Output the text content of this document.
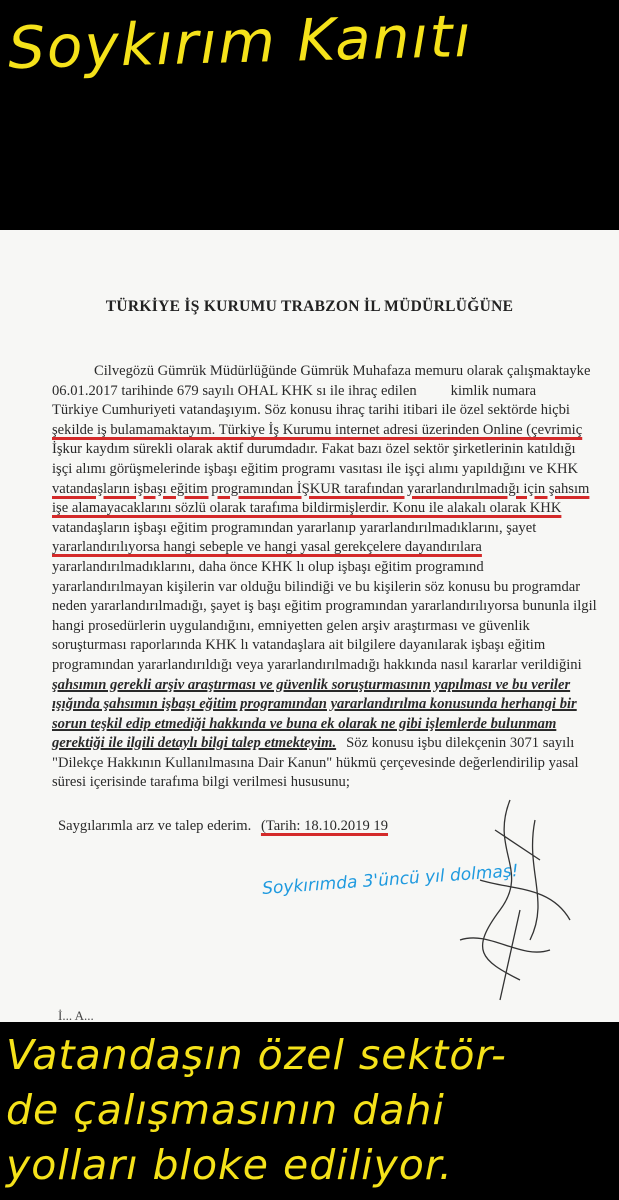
Soykırım Kanıtı
TÜRKİYE İŞ KURUMU TRABZON İL MÜDÜRLÜĞÜNE
Cilvegözü Gümrük Müdürlüğünde Gümrük Muhafaza memuru olarak çalışmaktayke
06.01.2017 tarihinde 679 sayılı OHAL KHK sı ile ihraç edilen kimlik numara
Türkiye Cumhuriyeti vatandaşıyım. Söz konusu ihraç tarihi itibari ile özel sektörde hiçbi
şekilde iş bulamamaktayım. Türkiye İş Kurumu internet adresi üzerinden Online (çevrimiç
İşkur kaydım sürekli olarak aktif durumdadır. Fakat bazı özel sektör şirketlerinin katıldığı
işçi alımı görüşmelerinde işbaşı eğitim programı vasıtası ile işçi alımı yapıldığını ve KHK
vatandaşların işbaşı eğitim programından İŞKUR tarafından yararlandırılmadığı için şahsım
işe alamayacaklarını sözlü olarak tarafıma bildirmişlerdir. Konu ile alakalı olarak KHK
vatandaşların işbaşı eğitim programından yararlanıp yararlandırılmadıklarını, şayet
yararlandırılıyorsa hangi sebeple ve hangi yasal gerekçelere dayandırılara
yararlandırılmadıklarını, daha önce KHK lı olup işbaşı eğitim programınd
yararlandırılmayan kişilerin var olduğu bilindiği ve bu kişilerin söz konusu bu programdar
neden yararlandırılmadığı, şayet iş başı eğitim programından yararlandırılıyorsa bununla ilgil
hangi prosedürlerin uygulandığını, emniyetten gelen arşiv araştırması ve güvenlik
soruşturması raporlarında KHK lı vatandaşlara ait bilgilere dayanılarak işbaşı eğitim
programından yararlandırıldığı veya yararlandırılmadığı hakkında nasıl kararlar verildiğini
şahsımın gerekli arşiv araştırması ve güvenlik soruşturmasının yapılması ve bu veriler
ışığında şahsımın işbaşı eğitim programından yararlandırılma konusunda herhangi bir
sorun teşkil edip etmediği hakkında ve buna ek olarak ne gibi işlemlerde bulunmam
gerektiği ile ilgili detaylı bilgi talep etmekteyim. Söz konusu işbu dilekçenin 3071 sayılı
"Dilekçe Hakkının Kullanılmasına Dair Kanun" hükmü çerçevesinde değerlendirilip yasal
süresi içerisinde tarafıma bilgi verilmesi hususunu;
Saygılarımla arz ve talep ederim. (Tarih: 18.10.2019 19
Soykırımda 3'üncü yıl dolmaş!
İ... A...
Vatandaşın özel sektör-
de çalışmasının dahi
yolları bloke ediliyor.
